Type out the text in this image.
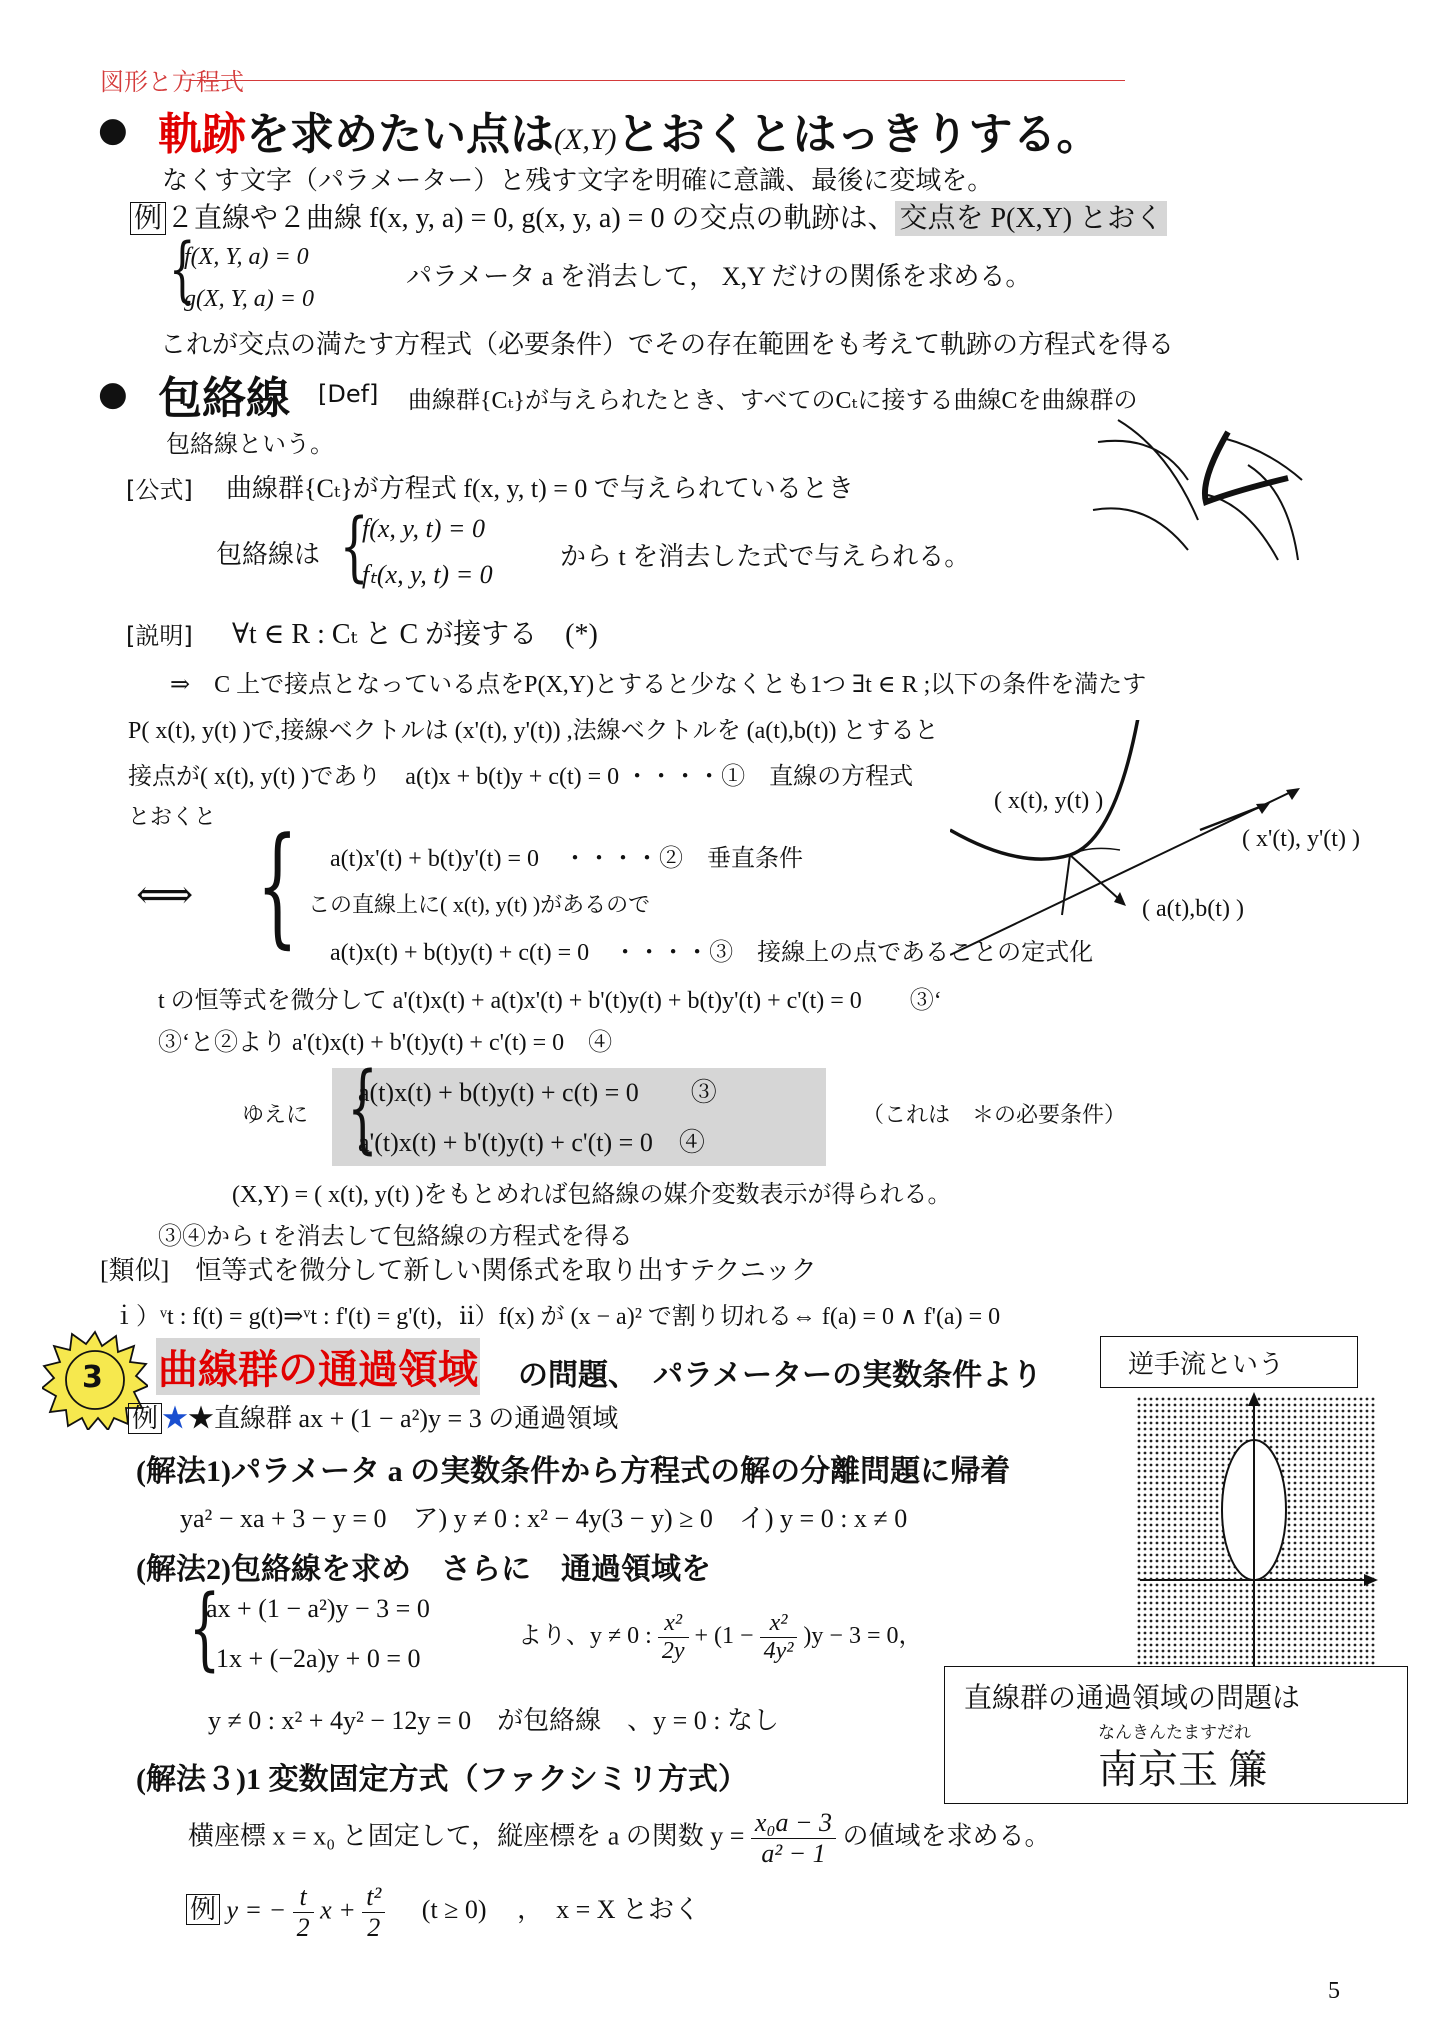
図形と方程式
● 軌跡を求めたい点は(X,Y)とおくとはっきりする。
なくす文字（パラメーター）と残す文字を明確に意識、最後に変域を。
例 ２直線や２曲線 f(x, y, a) = 0, g(x, y, a) = 0 の交点の軌跡は、 交点を P(X,Y) とおく
{
f(X, Y, a) = 0
g(X, Y, a) = 0
パラメータ a を消去して， X,Y だけの関係を求める。
これが交点の満たす方程式（必要条件）でその存在範囲をも考えて軌跡の方程式を得る
● 包絡線 [Def] 曲線群{Cₜ}が与えられたとき、すべてのCₜに接する曲線Cを曲線群の
包絡線という。
[公式] 曲線群{Cₜ}が方程式 f(x, y, t) = 0 で与えられているとき
包絡線は {
f(x, y, t) = 0
fₜ(x, y, t) = 0
から t を消去した式で与えられる。
[説明] ∀t ∈ R : Cₜ と C が接する　(*)
⇒　C 上で接点となっている点をP(X,Y)とすると少なくとも1つ ∃t ∈ R ;以下の条件を満たす
P( x(t), y(t) )で,接線ベクトルは (x'(t), y'(t)) ,法線ベクトルを (a(t),b(t)) とすると
接点が( x(t), y(t) )であり　a(t)x + b(t)y + c(t) = 0 ・・・・①　直線の方程式
とおくと { a(t)x'(t) + b(t)y'(t) = 0　・・・・②　垂直条件
この直線上に( x(t), y(t) )があるので
a(t)x(t) + b(t)y(t) + c(t) = 0　・・・・③　接線上の点であることの定式化
⟺
( x(t), y(t) )
( x'(t), y'(t) )
( a(t),b(t) )
t の恒等式を微分して a'(t)x(t) + a(t)x'(t) + b'(t)y(t) + b(t)y'(t) + c'(t) = 0　　③‘
③‘と②より a'(t)x(t) + b'(t)y(t) + c'(t) = 0　④
ゆえに {
a(t)x(t) + b(t)y(t) + c(t) = 0　　③
a'(t)x(t) + b'(t)y(t) + c'(t) = 0　④
（これは　＊の必要条件）
(X,Y) = ( x(t), y(t) )をもとめれば包絡線の媒介変数表示が得られる。
③④から t を消去して包絡線の方程式を得る
[類似]　恒等式を微分して新しい関係式を取り出すテクニック
ｉ）ᵛt : f(t) = g(t)⇒ᵛt : f'(t) = g'(t)，ⅱ）f(x) が (x − a)² で割り切れる⇔ f(a) = 0 ∧ f'(a) = 0
3 曲線群の通過領域 の問題、　パラメーターの実数条件より	逆手流という
例 ★★直線群 ax + (1 − a²)y = 3 の通過領域
(解法1)パラメータ a の実数条件から方程式の解の分離問題に帰着
ya² − xa + 3 − y = 0　ア) y ≠ 0 : x² − 4y(3 − y) ≥ 0　イ) y = 0 : x ≠ 0
(解法2)包絡線を求め　さらに　通過領域を
{
ax + (1 − a²)y − 3 = 0
1x + (−2a)y + 0 = 0
より、y ≠ 0 : $\frac{\text{x²}}{2y} + (1 - \frac{\text{x²}}{\text{4y²}} )y - 3 = 0$，
y ≠ 0 : x² + 4y² − 12y = 0　が包絡線　、y = 0 : なし
(解法３)1 変数固定方式（ファクシミリ方式）
横座標 x = x₀ と固定して，縦座標を a の関数 $y = \frac{\text{x₀a − 3}}{\text{a² − 1}}$ の値域を求める。
例 y = − $\frac{t}{2}$ $x + \frac{\text{t²}}{2} (t \ge 0)$ ，　x = X とおく
直線群の通過領域の問題は
なんきんたますだれ
南京玉 簾
5
